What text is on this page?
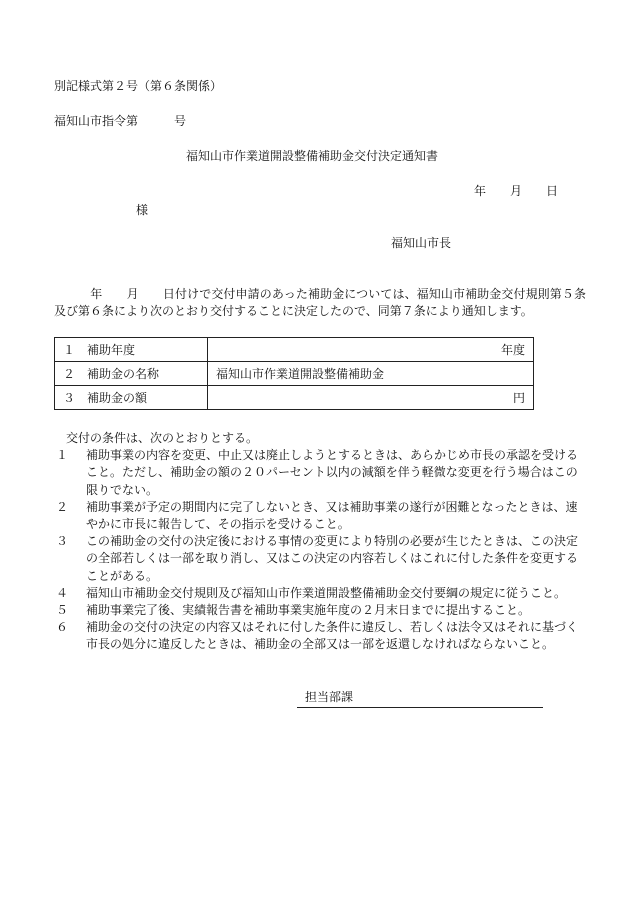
別記様式第２号（第６条関係）
福知山市指令第　　　号
福知山市作業道開設整備補助金交付決定通知書
年　　月　　日
様
福知山市長
　　　年　　月　　日付けで交付申請のあった補助金については、福知山市補助金交付規則第５条及び第６条により次のとおり交付することに決定したので、同第７条により通知します。
１　補助年度	年度
２　補助金の名称	福知山市作業道開設整備補助金
３　補助金の額	円
交付の条件は、次のとおりとする。
１	補助事業の内容を変更、中止又は廃止しようとするときは、あらかじめ市長の承認を受けること。ただし、補助金の額の２０パーセント以内の減額を伴う軽微な変更を行う場合はこの限りでない。
２	補助事業が予定の期間内に完了しないとき、又は補助事業の遂行が困難となったときは、速やかに市長に報告して、その指示を受けること。
３	この補助金の交付の決定後における事情の変更により特別の必要が生じたときは、この決定の全部若しくは一部を取り消し、又はこの決定の内容若しくはこれに付した条件を変更することがある。
４	福知山市補助金交付規則及び福知山市作業道開設整備補助金交付要綱の規定に従うこと。
５	補助事業完了後、実績報告書を補助事業実施年度の２月末日までに提出すること。
６	補助金の交付の決定の内容又はそれに付した条件に違反し、若しくは法令又はそれに基づく市長の処分に違反したときは、補助金の全部又は一部を返還しなければならないこと。
担当部課
